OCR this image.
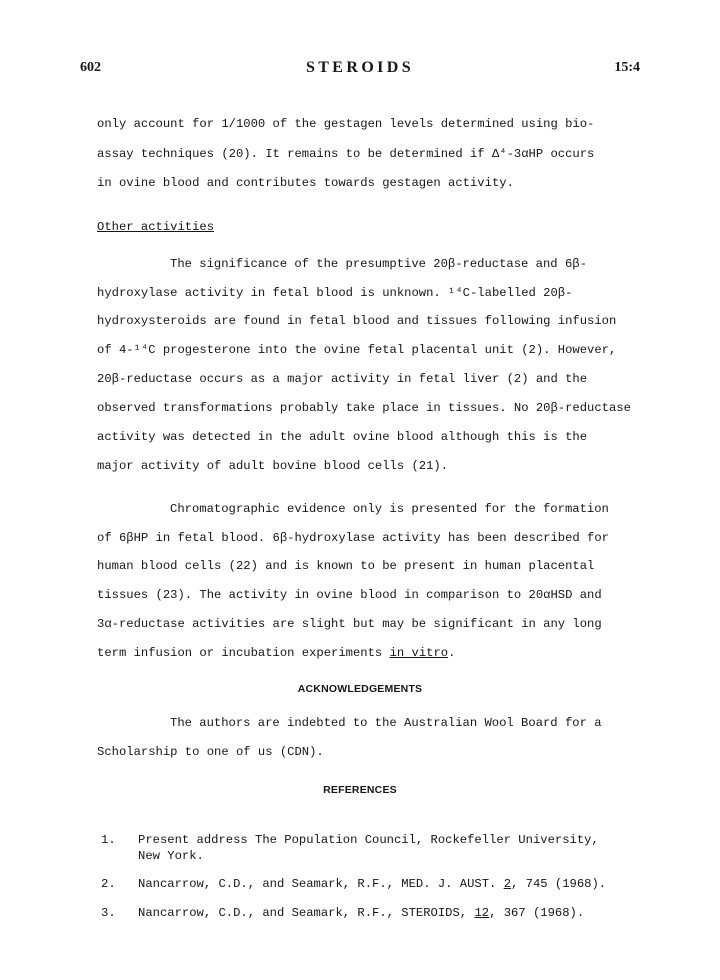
602	STEROIDS	15:4
only account for 1/1000 of the gestagen levels determined using bio-
assay techniques (20). It remains to be determined if Δ⁴-3αHP occurs
in ovine blood and contributes towards gestagen activity.
Other activities
The significance of the presumptive 20β-reductase and 6β-
hydroxylase activity in fetal blood is unknown. ¹⁴C-labelled 20β-
hydroxysteroids are found in fetal blood and tissues following infusion
of 4-¹⁴C progesterone into the ovine fetal placental unit (2). However,
20β-reductase occurs as a major activity in fetal liver (2) and the
observed transformations probably take place in tissues. No 20β-reductase
activity was detected in the adult ovine blood although this is the
major activity of adult bovine blood cells (21).
Chromatographic evidence only is presented for the formation
of 6βHP in fetal blood. 6β-hydroxylase activity has been described for
human blood cells (22) and is known to be present in human placental
tissues (23). The activity in ovine blood in comparison to 20αHSD and
3α-reductase activities are slight but may be significant in any long
term infusion or incubation experiments in vitro.
ACKNOWLEDGEMENTS
The authors are indebted to the Australian Wool Board for a
Scholarship to one of us (CDN).
REFERENCES
1. Present address The Population Council, Rockefeller University,
New York.
2. Nancarrow, C.D., and Seamark, R.F., MED. J. AUST. 2, 745 (1968).
3. Nancarrow, C.D., and Seamark, R.F., STEROIDS, 12, 367 (1968).
